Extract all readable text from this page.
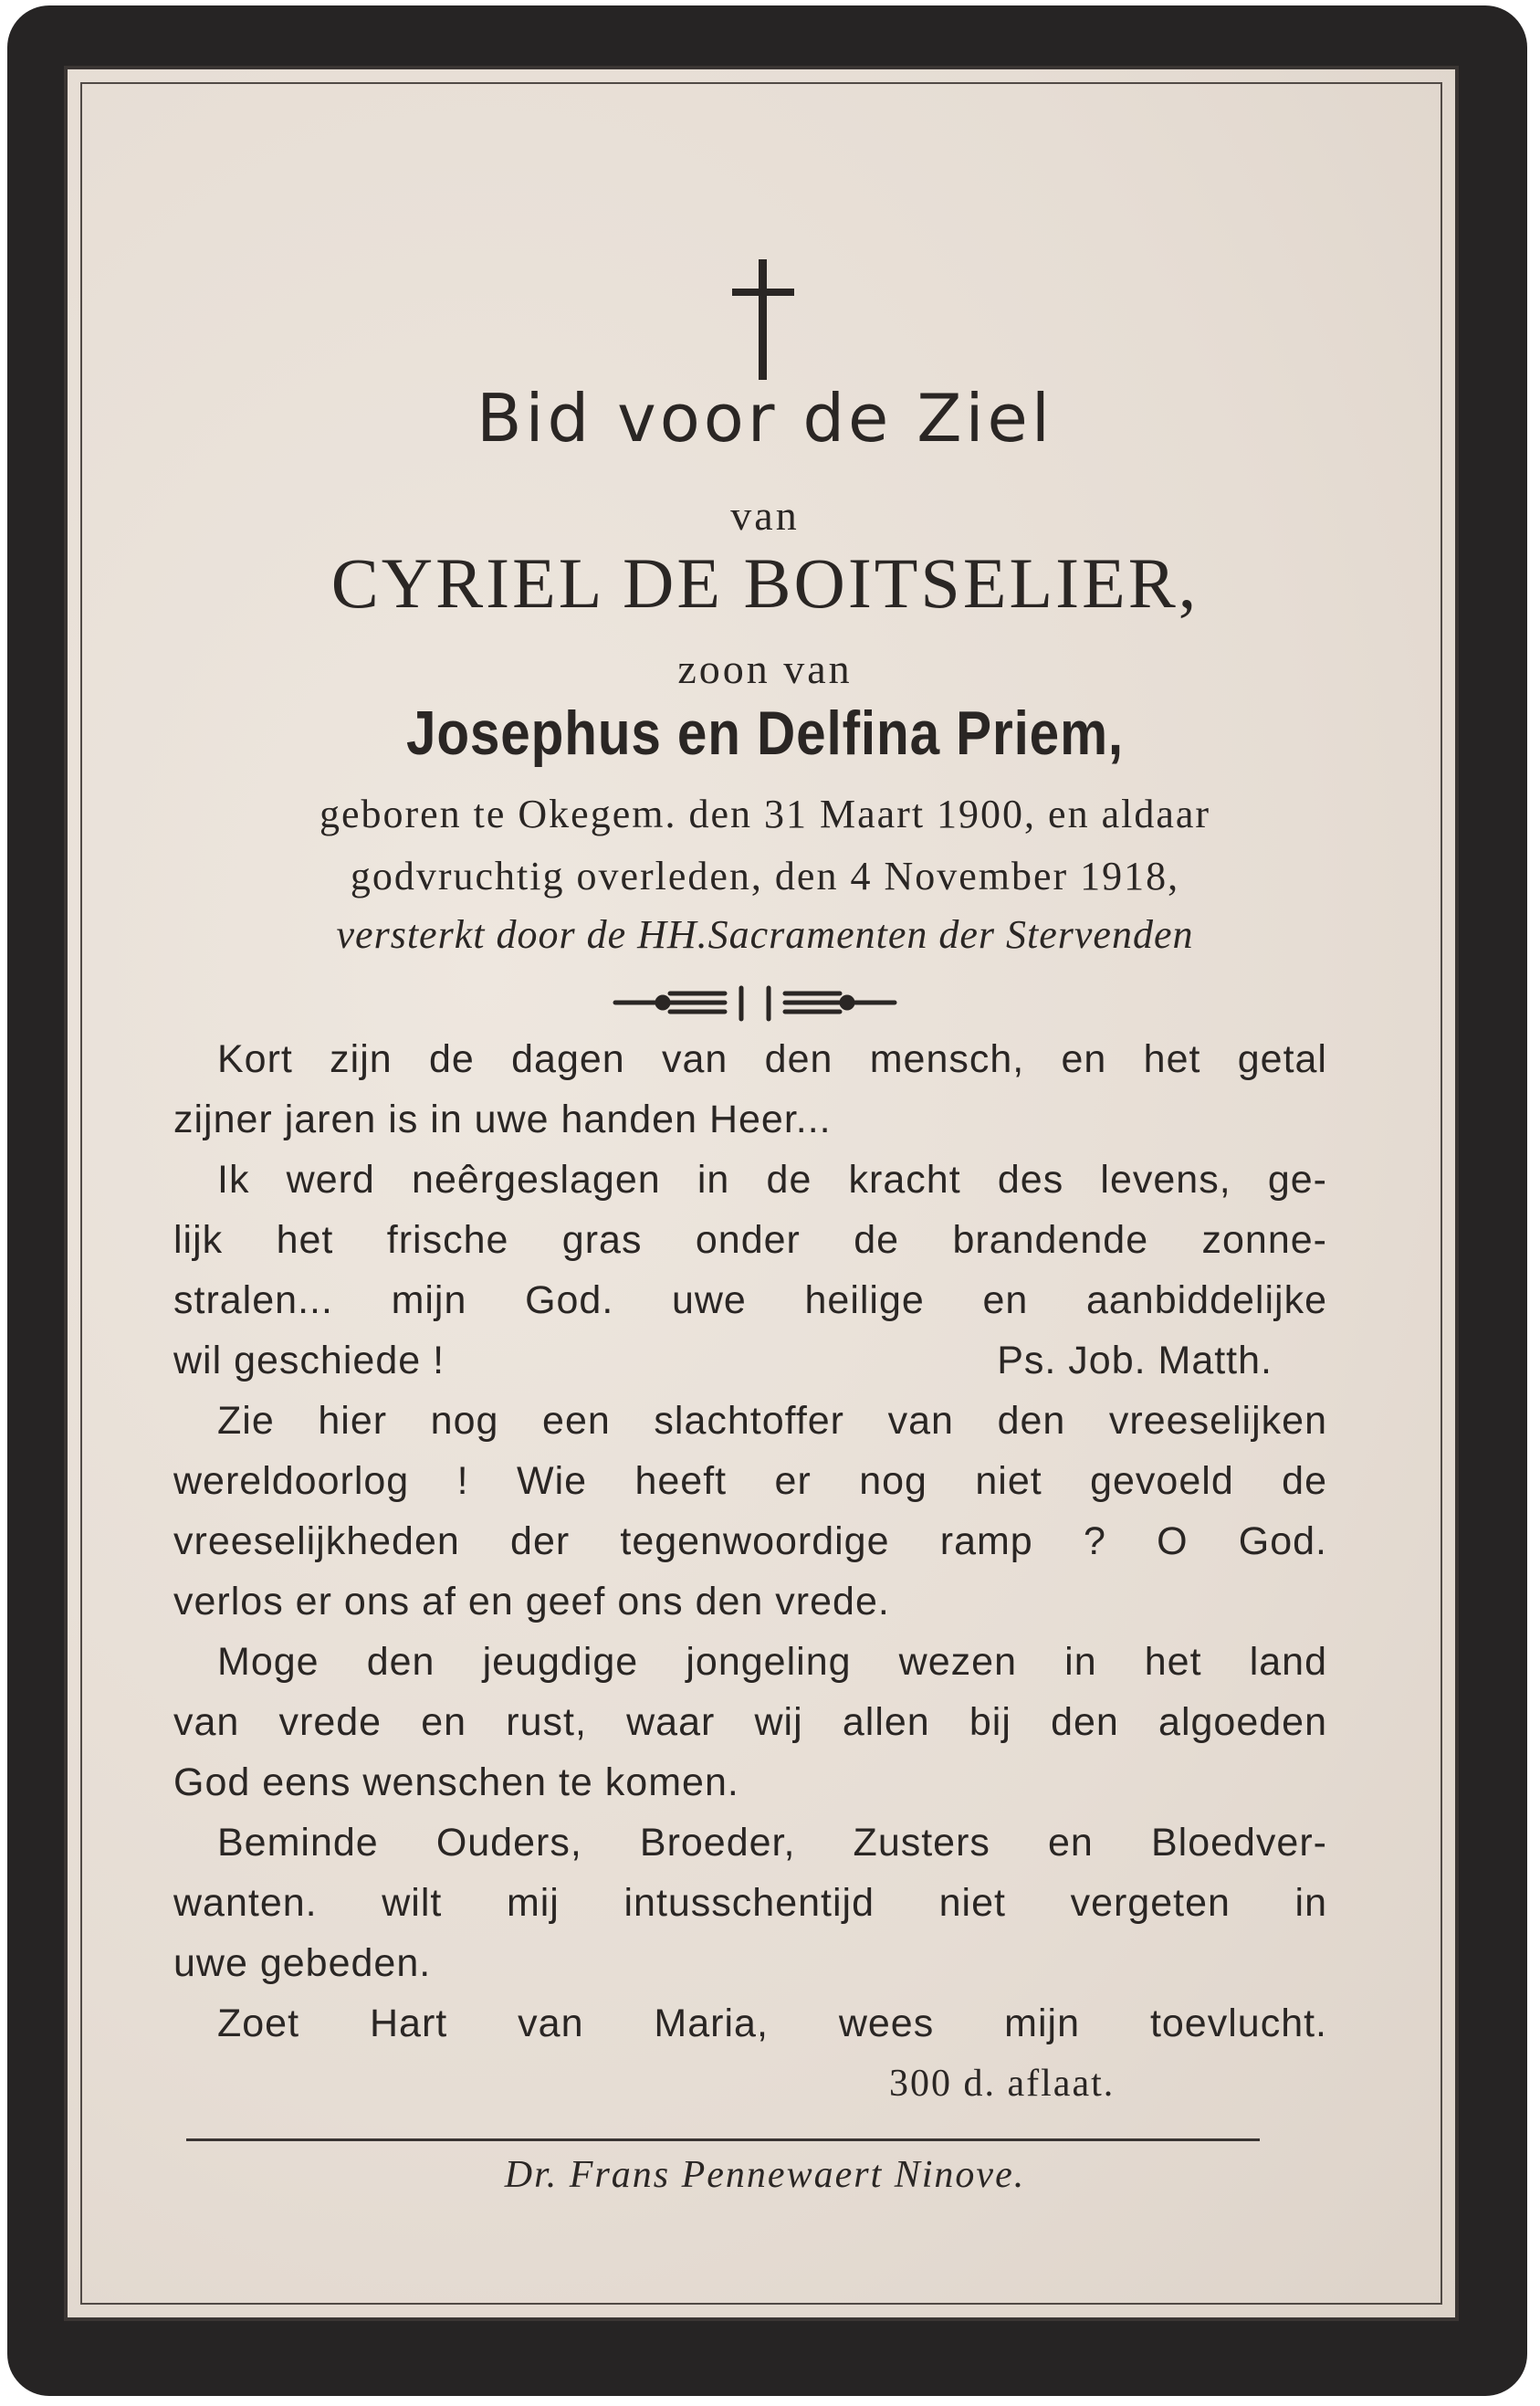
Bid voor de Ziel
van
CYRIEL DE BOITSELIER,
zoon van
Josephus en Delfina Priem,
geboren te Okegem. den 31 Maart 1900, en aldaar
godvruchtig overleden, den 4 November 1918,
versterkt door de HH.Sacramenten der Stervenden

Kort zijn de dagen van den mensch, en het getal

zijner jaren is in uwe handen Heer...

Ik werd neêrgeslagen in de kracht des levens, ge-

lijk het frische gras onder de brandende zonne-

stralen... mijn God. uwe heilige en aanbiddelijke

wil geschiede !	Ps. Job. Matth.

Zie hier nog een slachtoffer van den vreeselijken

wereldoorlog ! Wie heeft er nog niet gevoeld de

vreeselijkheden der tegenwoordige ramp ? O God.

verlos er ons af en geef ons den vrede.

Moge den jeugdige jongeling wezen in het land

van vrede en rust, waar wij allen bij den algoeden

God eens wenschen te komen.

Beminde Ouders, Broeder, Zusters en Bloedver-

wanten. wilt mij intusschentijd niet vergeten in

uwe gebeden.

Zoet Hart van Maria, wees mijn toevlucht.

300 d. aflaat.
Dr. Frans Pennewaert Ninove.
